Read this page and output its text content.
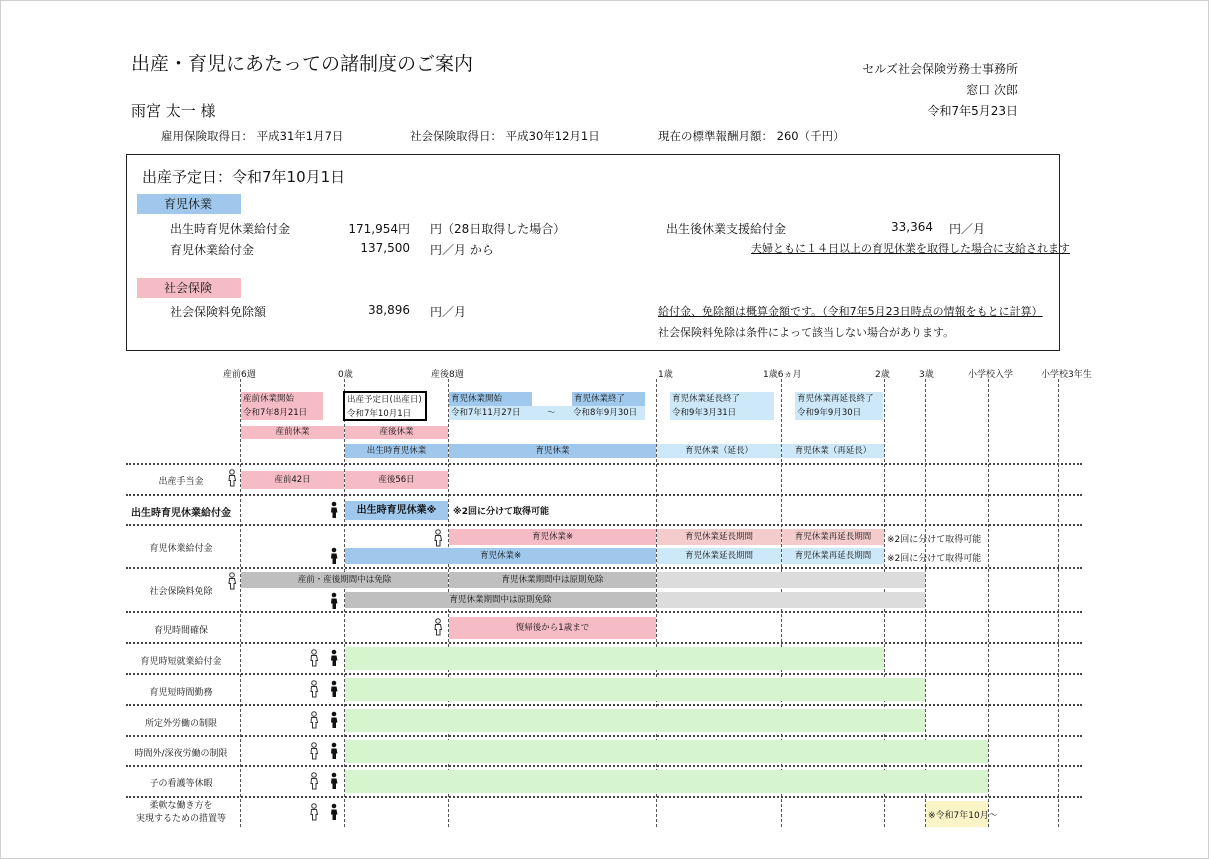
出産・育児にあたっての諸制度のご案内
雨宮 太一 様
セルズ社会保険労務士事務所
窓口 次郎
令和7年5月23日
雇用保険取得日： 平成31年1月7日	社会保険取得日： 平成30年12月1日	現在の標準報酬月額： 260（千円）
出産予定日：令和7年10月1日
育児休業
出生時育児休業給付金	171,954円 円（28日取得した場合）
育児休業給付金	137,500 円／月 から
出生後休業支援給付金	33,364 円／月
夫婦ともに１４日以上の育児休業を取得した場合に支給されます
社会保険
社会保険料免除額	38,896 円／月	給付金、免除額は概算金額です。（令和7年5月23日時点の情報をもとに計算）
社会保険料免除は条件によって該当しない場合があります。
産前6週	0歳	産後8週	1歳	1歳6ヵ月	2歳	3歳	小学校入学	小学校3年生
産前休業開始
令和7年8月21日
出産予定日(出産日)
令和7年10月1日
育児休業開始
令和7年11月27日	～ 令和8年9月30日
育児休業終了	育児休業延長終了
令和9年3月31日
育児休業再延長終了
令和9年9月30日
産前休業	産後休業
出生時育児休業	育児休業	育児休業（延長）	育児休業（再延長）
出産手当金	産前42日	産後56日
出生時育児休業給付金	出生時育児休業※	※2回に分けて取得可能
育児休業給付金
育児休業※	育児休業延長期間	育児休業再延長期間	※2回に分けて取得可能
育児休業※	育児休業延長期間	育児休業再延長期間	※2回に分けて取得可能
社会保険料免除
産前・産後期間中は免除	育児休業期間中は原則免除
育児休業期間中は原則免除
育児時間確保	復帰後から1歳まで
育児時短就業給付金
育児短時間勤務
所定外労働の制限
時間外/深夜労働の制限
子の看護等休暇
柔軟な働き方を
実現するための措置等	※令和7年10月～
